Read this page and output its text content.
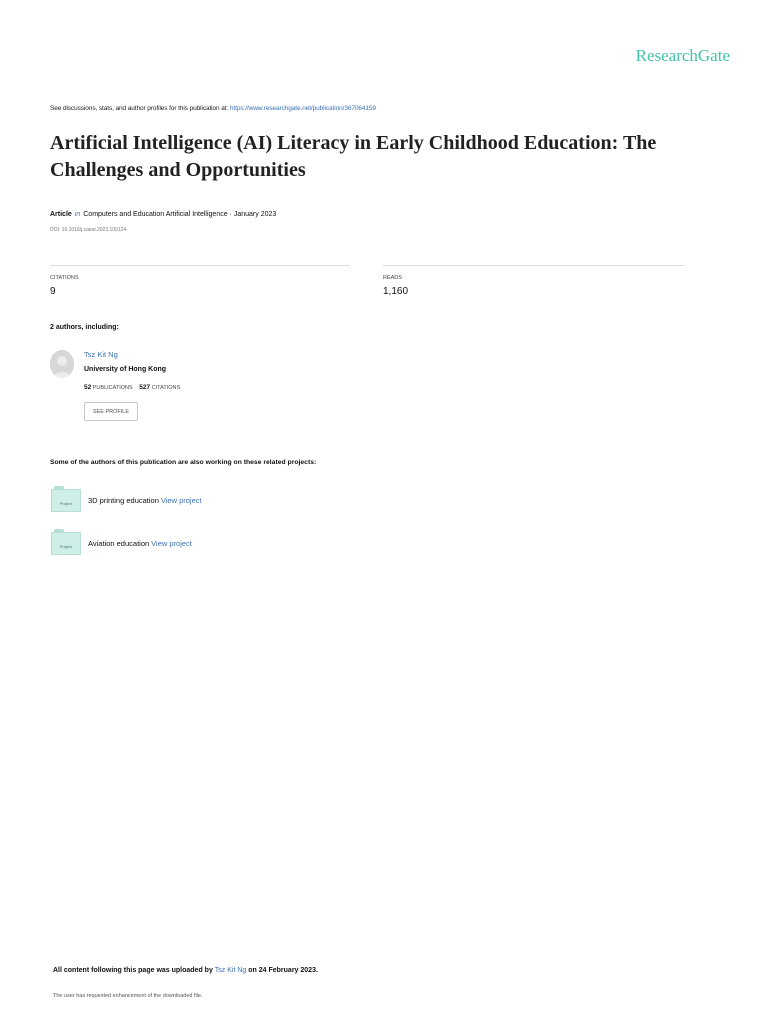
ResearchGate
See discussions, stats, and author profiles for this publication at: https://www.researchgate.net/publication/367064159
Artificial Intelligence (AI) Literacy in Early Childhood Education: The Challenges and Opportunities
Article in Computers and Education Artificial Intelligence · January 2023
DOI: 10.1016/j.caeai.2023.100124
CITATIONS
9
READS
1,160
2 authors, including:
Tsz Kit Ng
University of Hong Kong
52 PUBLICATIONS 527 CITATIONS
SEE PROFILE
Some of the authors of this publication are also working on these related projects:
Project	3D printing education View project
Project	Aviation education View project
All content following this page was uploaded by Tsz Kit Ng on 24 February 2023.
The user has requested enhancement of the downloaded file.
